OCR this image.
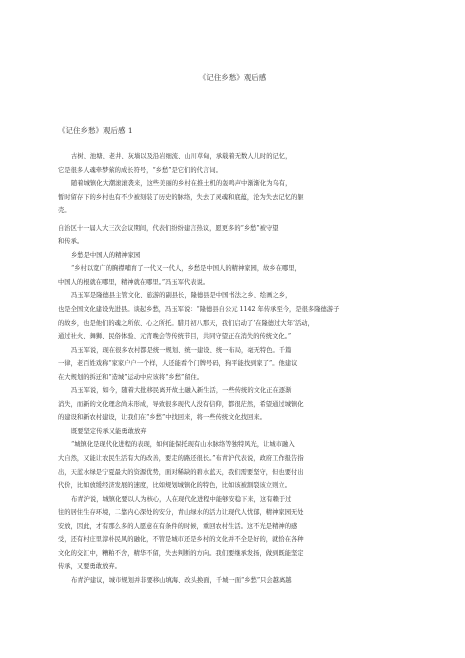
《记住乡愁》观后感
《记住乡愁》观后感 1
古树、池塘、老井、灰墙以及沿岩细流、山川草甸，承载着无数人儿时的记忆，
它是很多人魂牵梦萦的成长符号，“乡愁”是它们的代言词。
随着城镇化大潮滚滚袭来，这些美丽的乡村在推土机的轰鸣声中渐渐化为乌有，
暂时留存下的乡村也有不少被刻装了历史的脉络，失去了灵魂和底蕴，沦为失去记忆的躯
壳。
自治区十一届人大三次会议期间，代表们纷纷建言热议，愿更多的“乡愁”被守望
和传承。
乡愁是中国人的精神家园
“乡村以宽广的胸襟哺育了一代又一代人，乡愁是中国人的精神家园，故乡在哪里，
中国人的根就在哪里，精神就在哪里。”冯玉军代表说。
冯玉军是隆德县主管文化、旅游的副县长，隆德县是中国书法之乡、绘画之乡，
也是全国文化建设先进县。谈起乡愁，冯玉军说：“隆德县自公元 1142 年传承至今，是很多隆德游子
的故乡，也是他们的魂之所依、心之所托。腊月初八那天，我们启动了‘在隆德过大年’活动，
通过社火、舞狮、民俗体验、元宵晚会等传统节目，共同守望正在消失的传统文化。”
冯玉军说，现在很多农村都是统一规划、统一建设、统一布局，毫无特色。千篇
一律，老百姓戏称“家家户户一个样，人还能看个门牌号码，狗平能找到家了”。他建议
在大规划的拆迁和“造城”运动中应该将“乡愁”留住。
冯玉军说，如今，随着大批移民离开故土融入新生活，一些传统的文化正在逐渐
消失，而新的文化理念尚未形成，导致很多现代人没有信仰，都很茫然，希望通过城镇化
的建设和新农村建设，让我们在“乡愁”中找回来，将一些传统文化找回来。
既要坚定传承又能勇敢放弃
“城镇化是现代化进程的表现，如何能保托现有山水脉络等独特风光，让城市融入
大自然，又能让农民生活有大的改善，要走的路还很长。”布青沪代表说，政府工作报告指
出，天蓝水绿是宁夏最大的资源优势，面对稀缺的碧水蓝天，我们需要坚守，但也要付出
代价，比如放缓经济发展的速度，比如规划城镇化的特色，比如该被割裂该立则立。
布青沪说，城镇化要以人为核心，人在现代化进程中能够安稳下来，这有赖于过
往的居住生存环境，二靠内心深处的安分，青山绿水的活力让现代人忧郁，精神家园无处
安放，因此，才有那么多的人愿意在有条件的时候，重回农村生活。这不光是精神的感
受，还有村庄里淳朴民风的融化，不管是城市还是乡村的文化并不全是好的，就恰在各种
文化的交汇中，糟粕不舍，精华不留，失去判断的方向。我们要继承发扬，做到既能坚定
传承，又要勇敢放弃。
布青沪建议，城市规划并非要移山填海、改头换面，千城一面“乡愁”只会越离越
